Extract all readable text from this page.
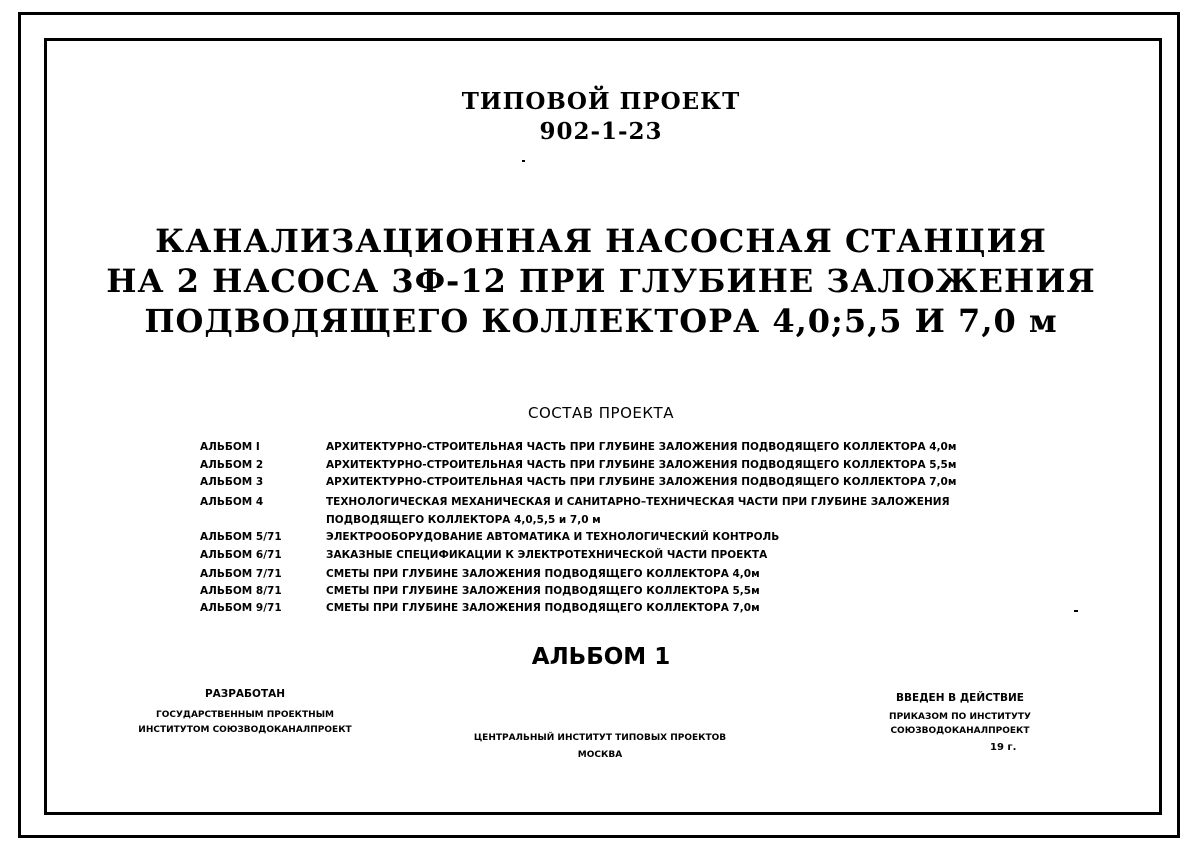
ТИПОВОЙ ПРОЕКТ
902-1-23
КАНАЛИЗАЦИОННАЯ НАСОСНАЯ СТАНЦИЯ
НА 2 НАСОСА 3Ф-12 ПРИ ГЛУБИНЕ ЗАЛОЖЕНИЯ
ПОДВОДЯЩЕГО КОЛЛЕКТОРА 4,0;5,5 И 7,0 м
СОСТАВ ПРОЕКТА
АЛЬБОМ I	АРХИТЕКТУРНО-СТРОИТЕЛЬНАЯ ЧАСТЬ ПРИ ГЛУБИНЕ ЗАЛОЖЕНИЯ ПОДВОДЯЩЕГО КОЛЛЕКТОРА 4,0м
АЛЬБОМ 2	АРХИТЕКТУРНО-СТРОИТЕЛЬНАЯ ЧАСТЬ ПРИ ГЛУБИНЕ ЗАЛОЖЕНИЯ ПОДВОДЯЩЕГО КОЛЛЕКТОРА 5,5м
АЛЬБОМ 3	АРХИТЕКТУРНО-СТРОИТЕЛЬНАЯ ЧАСТЬ ПРИ ГЛУБИНЕ ЗАЛОЖЕНИЯ ПОДВОДЯЩЕГО КОЛЛЕКТОРА 7,0м
АЛЬБОМ 4	ТЕХНОЛОГИЧЕСКАЯ МЕХАНИЧЕСКАЯ И САНИТАРНО–ТЕХНИЧЕСКАЯ ЧАСТИ ПРИ ГЛУБИНЕ ЗАЛОЖЕНИЯ
ПОДВОДЯЩЕГО КОЛЛЕКТОРА 4,0,5,5 и 7,0 м
АЛЬБОМ 5/71	ЭЛЕКТРООБОРУДОВАНИЕ АВТОМАТИКА И ТЕХНОЛОГИЧЕСКИЙ КОНТРОЛЬ
АЛЬБОМ 6/71	ЗАКАЗНЫЕ СПЕЦИФИКАЦИИ К ЭЛЕКТРОТЕХНИЧЕСКОЙ ЧАСТИ ПРОЕКТА
АЛЬБОМ 7/71	СМЕТЫ ПРИ ГЛУБИНЕ ЗАЛОЖЕНИЯ ПОДВОДЯЩЕГО КОЛЛЕКТОРА 4,0м
АЛЬБОМ 8/71	СМЕТЫ ПРИ ГЛУБИНЕ ЗАЛОЖЕНИЯ ПОДВОДЯЩЕГО КОЛЛЕКТОРА 5,5м
АЛЬБОМ 9/71	СМЕТЫ ПРИ ГЛУБИНЕ ЗАЛОЖЕНИЯ ПОДВОДЯЩЕГО КОЛЛЕКТОРА 7,0м
АЛЬБОМ 1
РАЗРАБОТАН
ГОСУДАРСТВЕННЫМ ПРОЕКТНЫМ
ИНСТИТУТОМ СОЮЗВОДОКАНАЛПРОЕКТ
ЦЕНТРАЛЬНЫЙ ИНСТИТУТ ТИПОВЫХ ПРОЕКТОВ
МОСКВА
ВВЕДЕН В ДЕЙСТВИЕ
ПРИКАЗОМ ПО ИНСТИТУТУ
СОЮЗВОДОКАНАЛПРОЕКТ
19 г.
